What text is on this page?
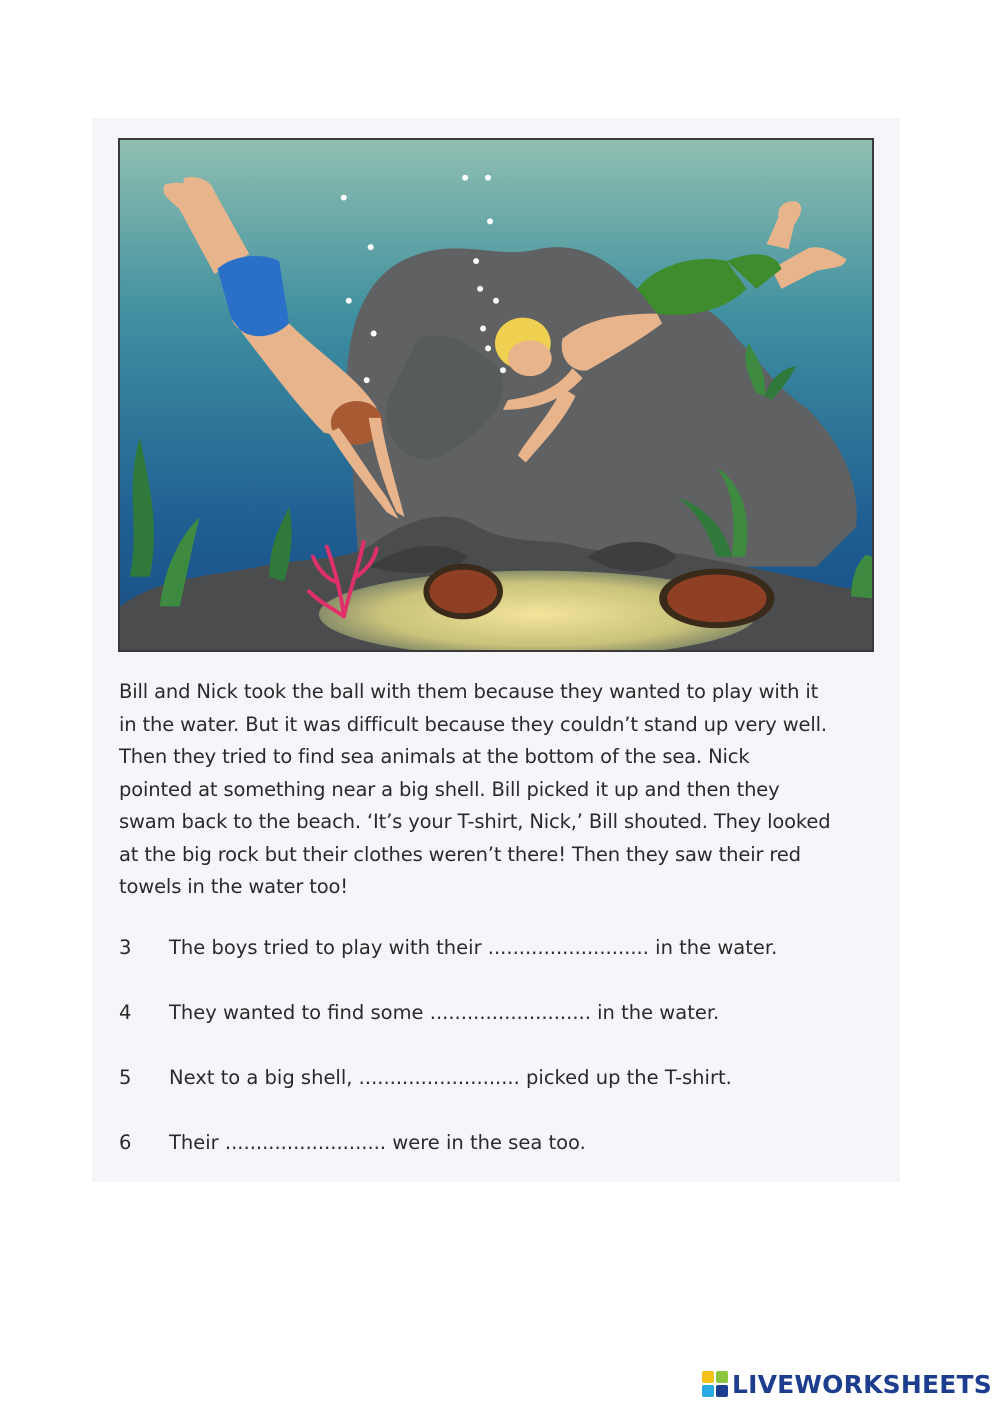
Bill and Nick took the ball with them because they wanted to play with it
in the water. But it was difficult because they couldn’t stand up very well.
Then they tried to find sea animals at the bottom of the sea. Nick
pointed at something near a big shell. Bill picked it up and then they
swam back to the beach. ‘It’s your T-shirt, Nick,’ Bill shouted. They looked
at the big rock but their clothes weren’t there! Then they saw their red
towels in the water too!
3	The boys tried to play with their .......................... in the water.
4	They wanted to find some .......................... in the water.
5	Next to a big shell, .......................... picked up the T-shirt.
6	Their .......................... were in the sea too.
LIVEWORKSHEETS
